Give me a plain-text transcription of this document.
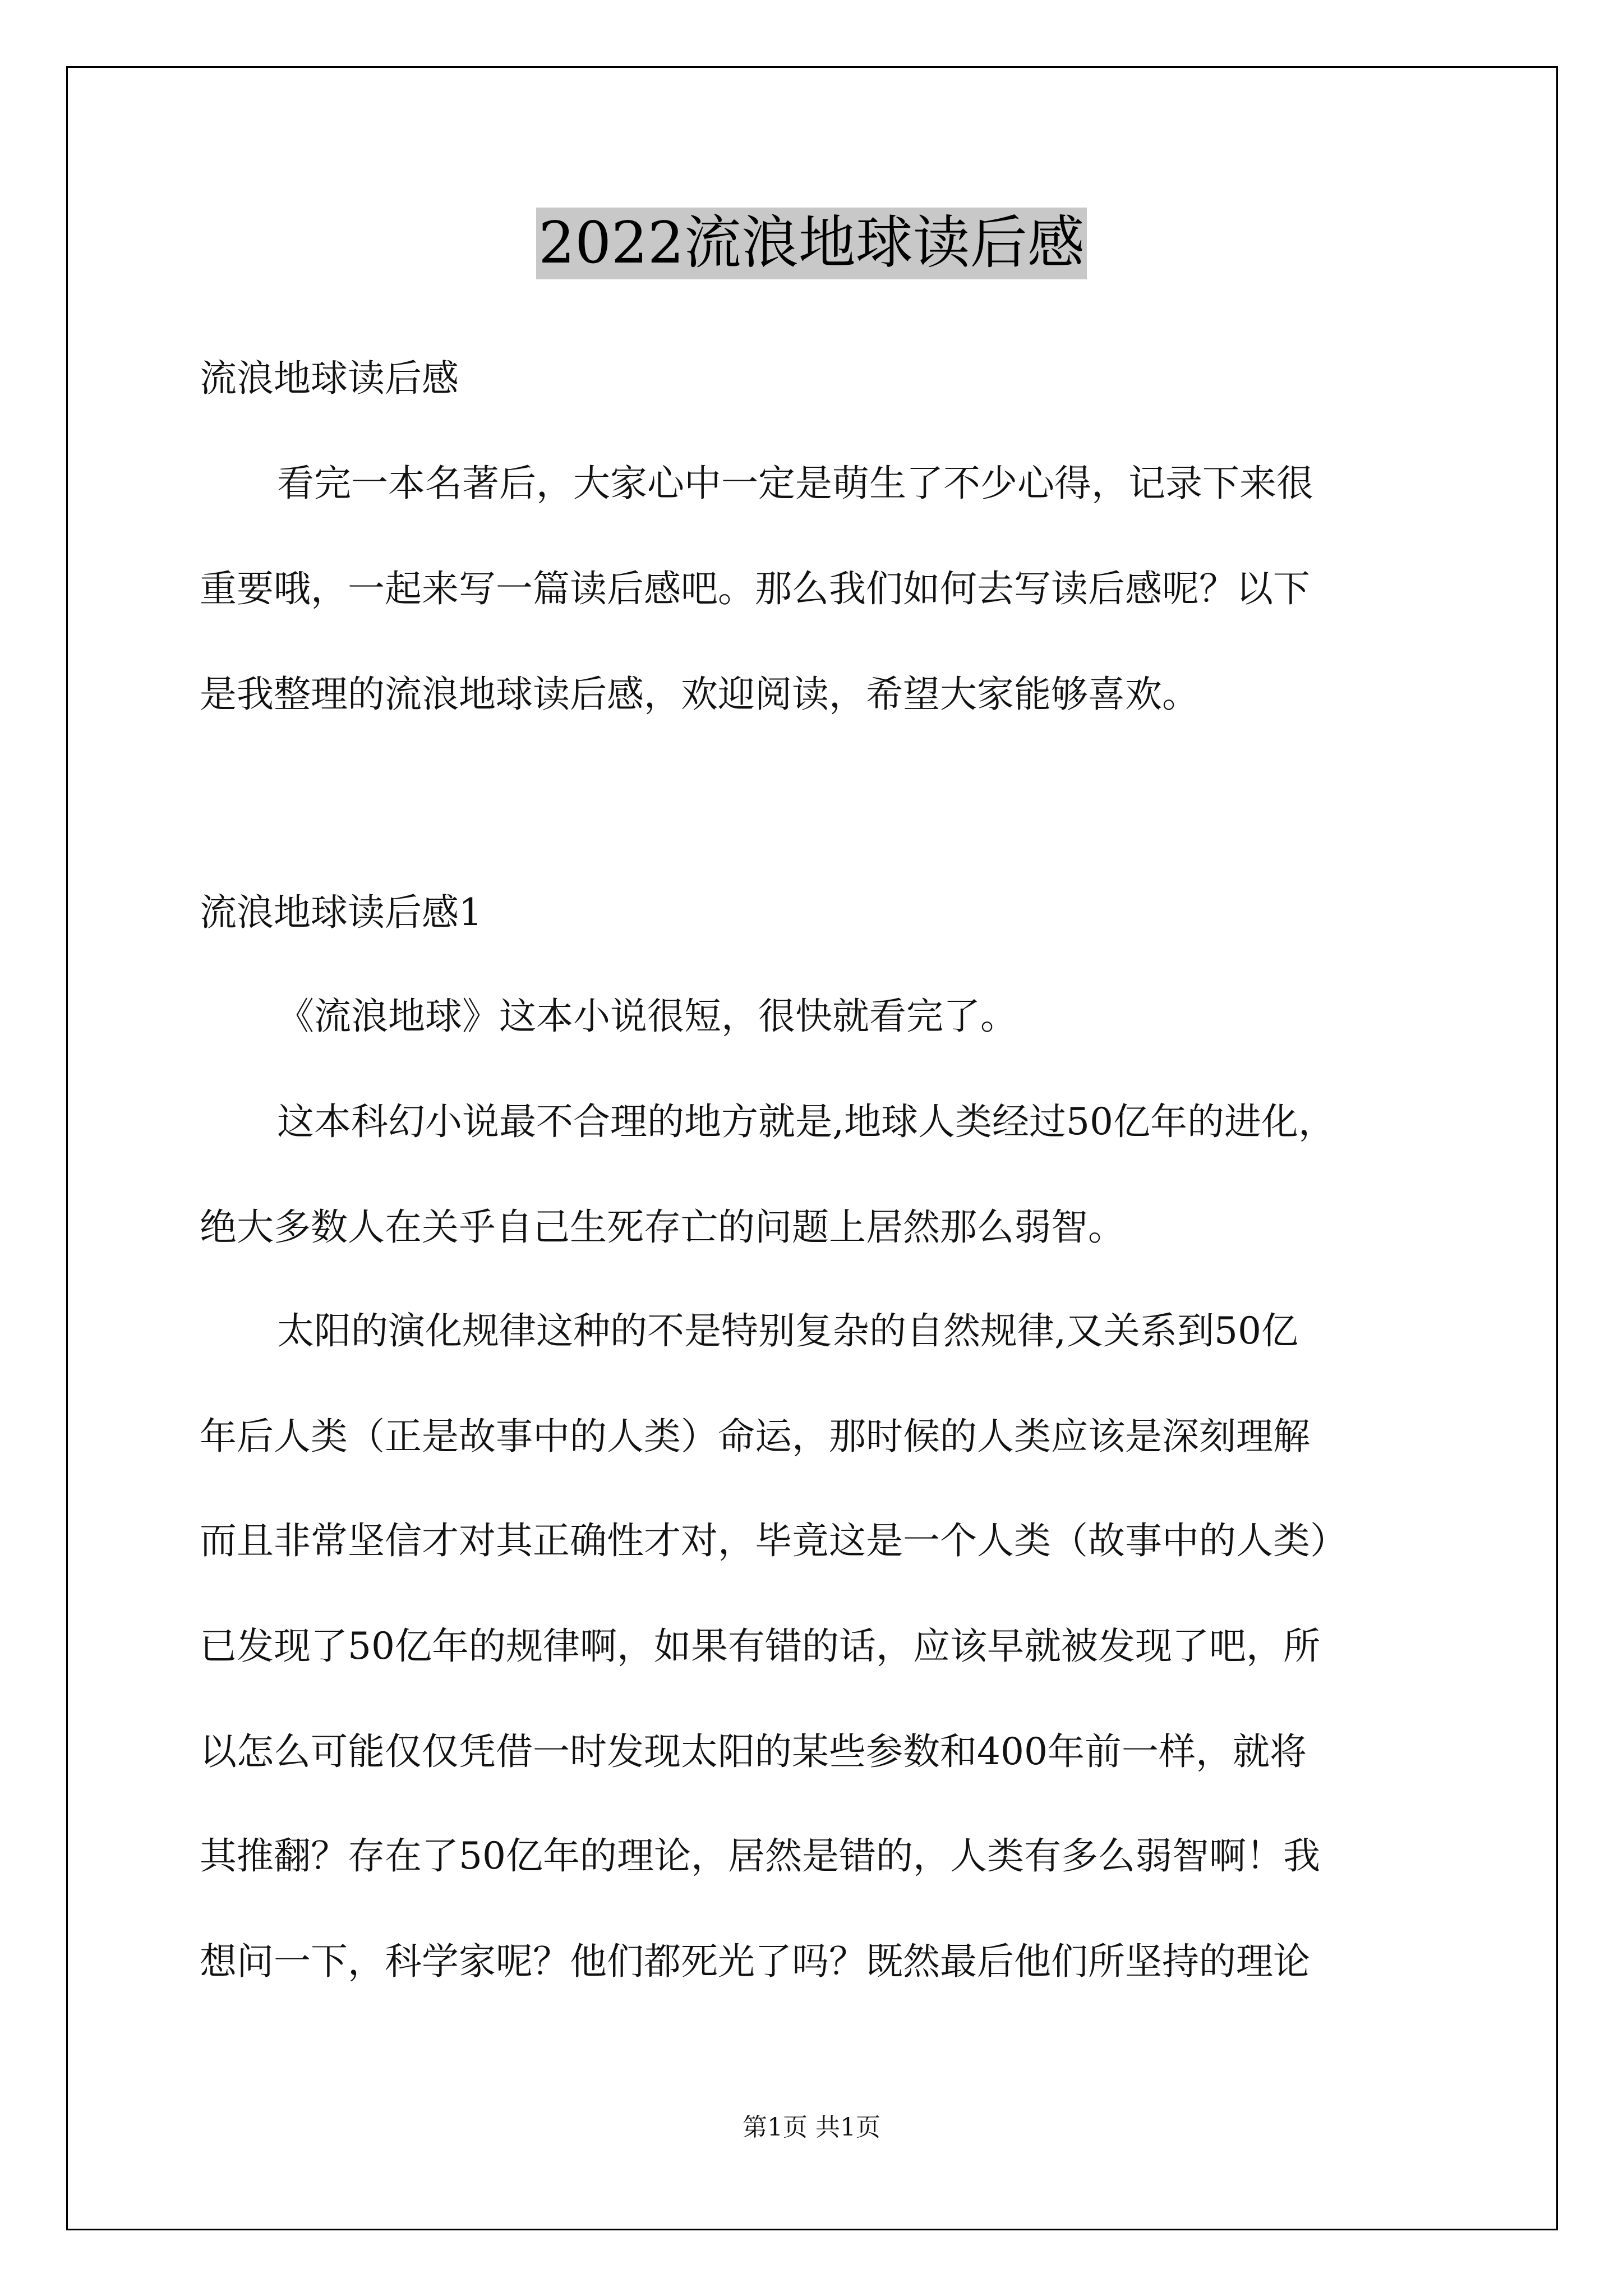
2022流浪地球读后感
流浪地球读后感
看完一本名著后，大家心中一定是萌生了不少心得，记录下来很
重要哦，一起来写一篇读后感吧。那么我们如何去写读后感呢？以下
是我整理的流浪地球读后感，欢迎阅读，希望大家能够喜欢。
流浪地球读后感1
《流浪地球》这本小说很短，很快就看完了。
这本科幻小说最不合理的地方就是,地球人类经过50亿年的进化，
绝大多数人在关乎自己生死存亡的问题上居然那么弱智。
太阳的演化规律这种的不是特别复杂的自然规律,又关系到50亿
年后人类（正是故事中的人类）命运，那时候的人类应该是深刻理解
而且非常坚信才对其正确性才对，毕竟这是一个人类（故事中的人类）
已发现了50亿年的规律啊，如果有错的话，应该早就被发现了吧，所
以怎么可能仅仅凭借一时发现太阳的某些参数和400年前一样，就将
其推翻？存在了50亿年的理论，居然是错的，人类有多么弱智啊！我
想问一下，科学家呢？他们都死光了吗？既然最后他们所坚持的理论
第1页 共1页
